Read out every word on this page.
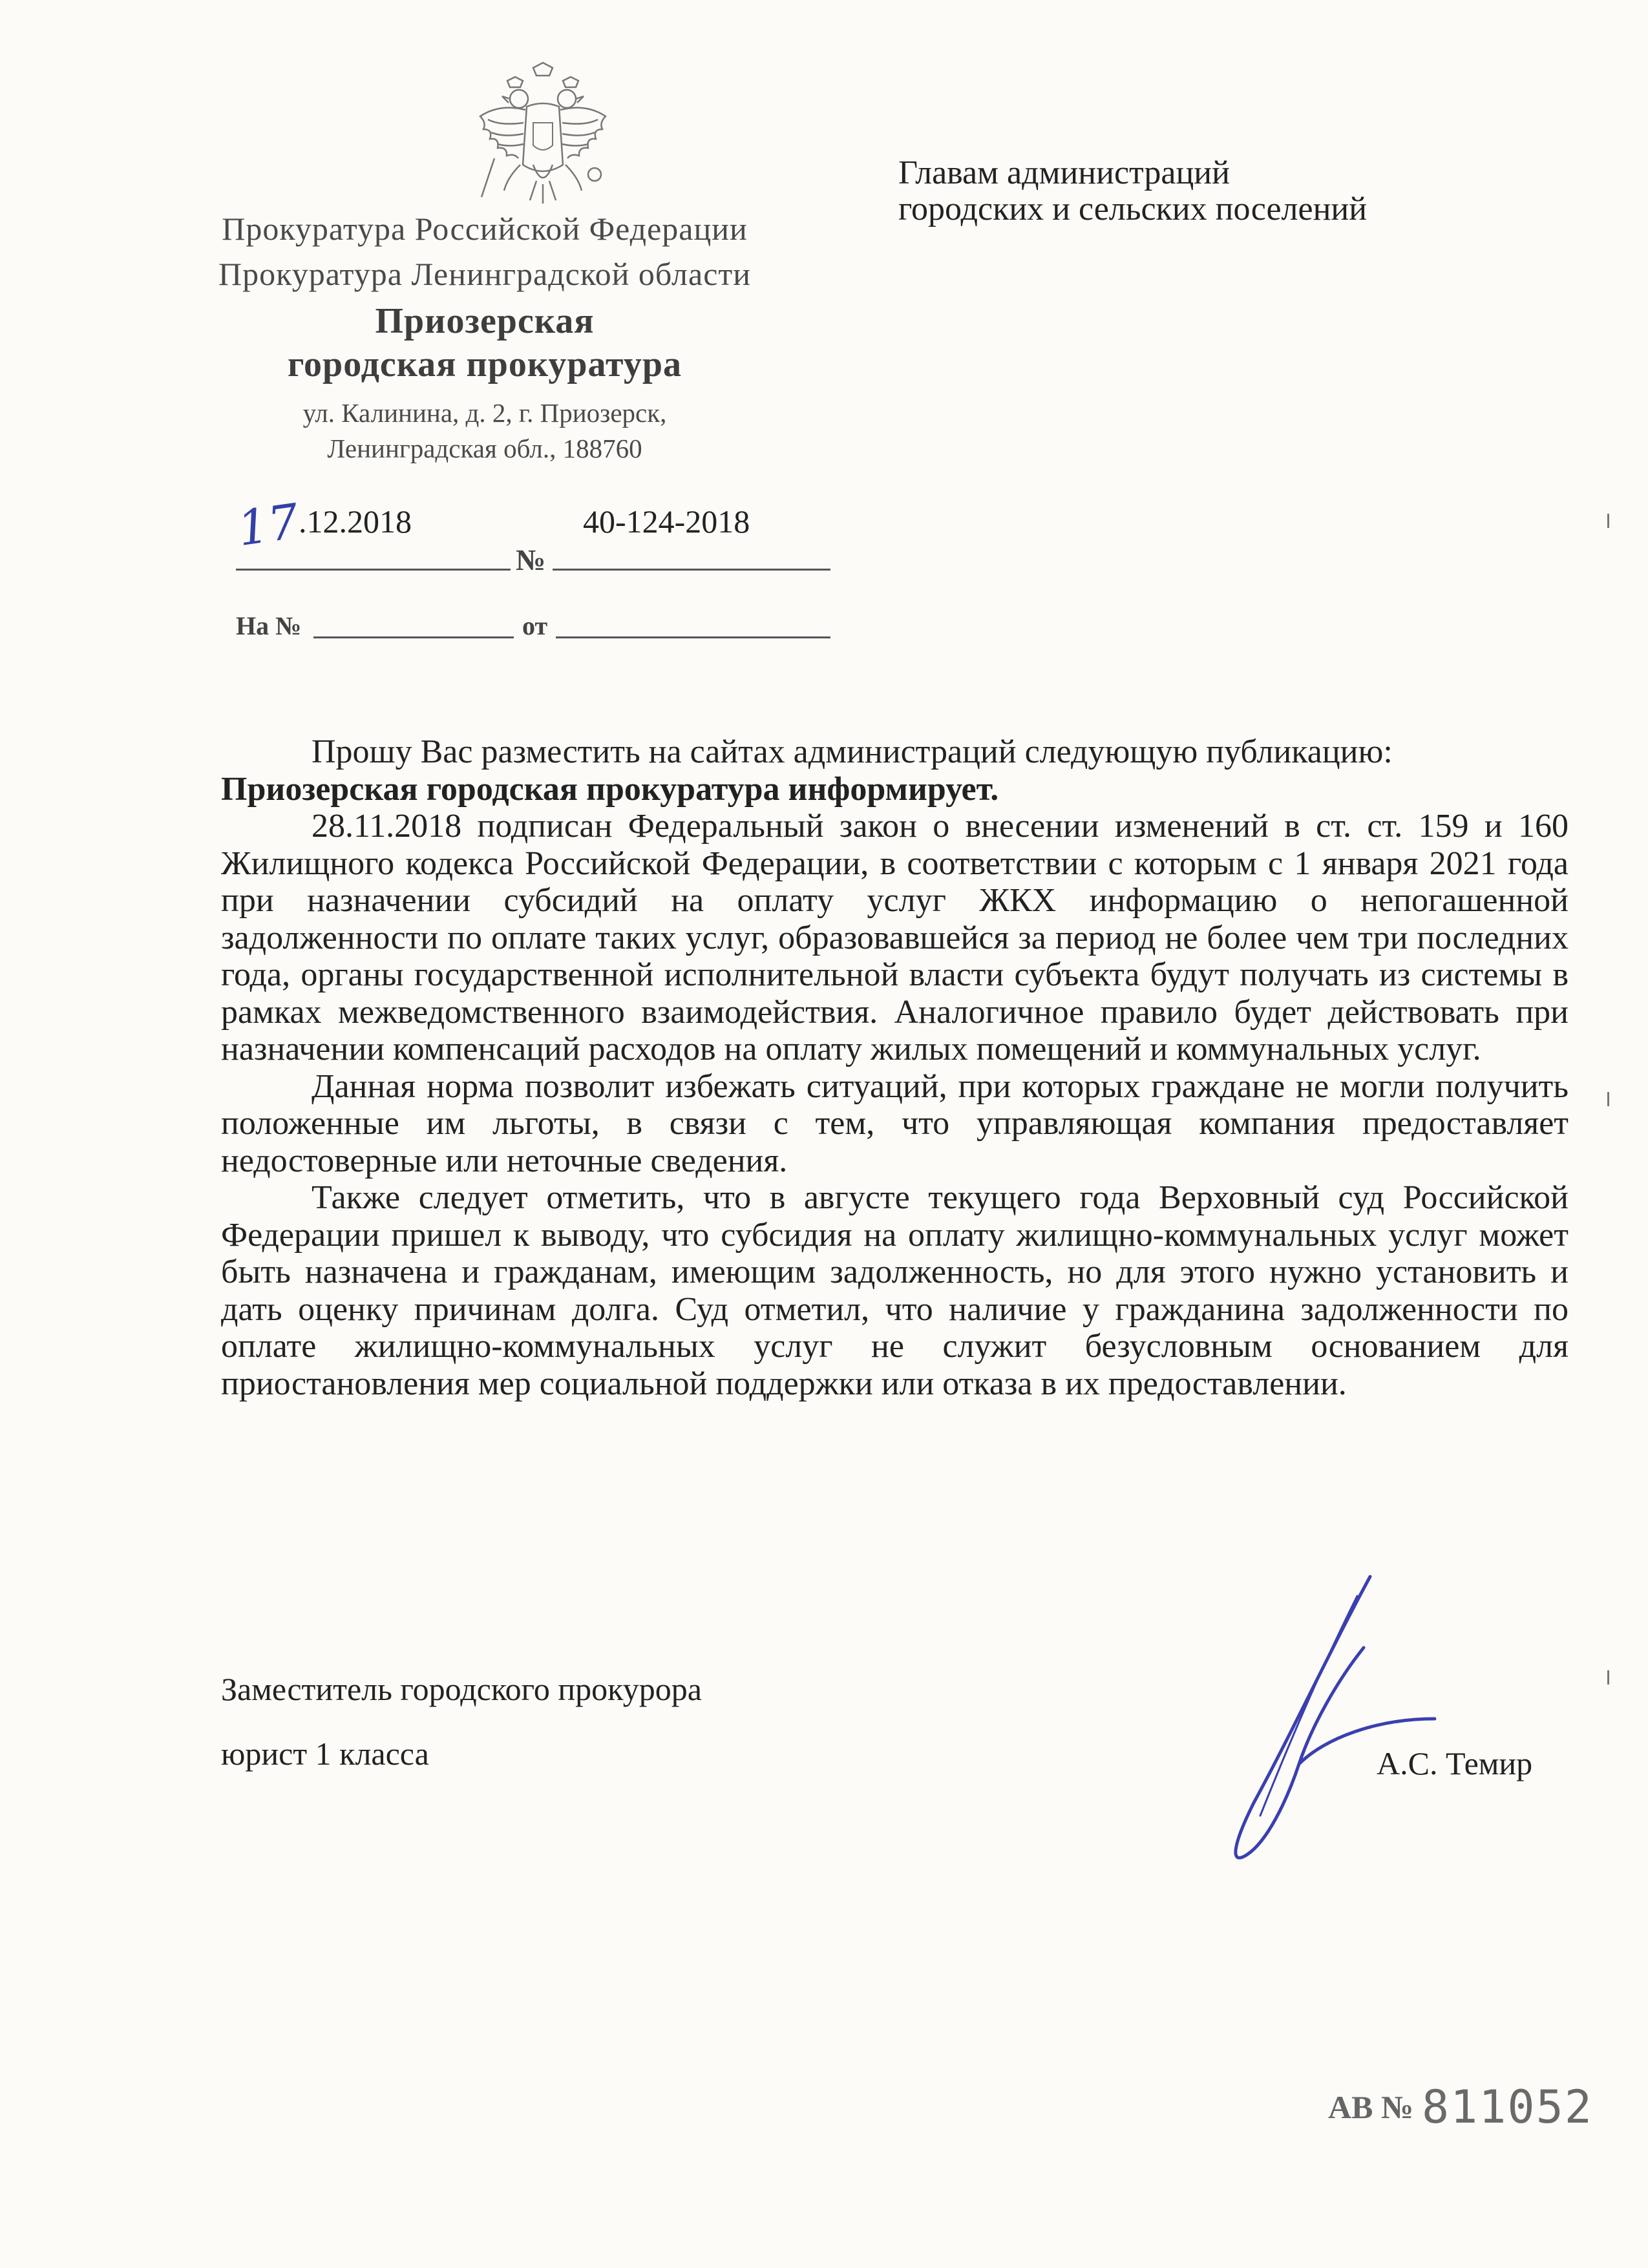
Прокуратура Российской Федерации
Прокуратура Ленинградской области
Приозерская
городская прокуратура
ул. Калинина, д. 2, г. Приозерск,
Ленинградская обл., 188760
Главам администраций
городских и сельских поселений
17
.12.2018
№
40-124-2018
На №	от

Прошу Вас разместить на сайтах администраций следующую публикацию:

Приозерская городская прокуратура информирует.

28.11.2018 подписан Федеральный закон о внесении изменений в ст. ст. 159 и 160 Жилищного кодекса Российской Федерации, в соответствии с которым с 1 января 2021 года при назначении субсидий на оплату услуг ЖКХ информацию о непогашенной задолженности по оплате таких услуг, образовавшейся за период не более чем три последних года, органы государственной исполнительной власти субъекта будут получать из системы в рамках межведомственного взаимодействия. Аналогичное правило будет действовать при назначении компенсаций расходов на оплату жилых помещений и коммунальных услуг.

Данная норма позволит избежать ситуаций, при которых граждане не могли получить положенные им льготы, в связи с тем, что управляющая компания предоставляет недостоверные или неточные сведения.

Также следует отметить, что в августе текущего года Верховный суд Российской Федерации пришел к выводу, что субсидия на оплату жилищно-коммунальных услуг может быть назначена и гражданам, имеющим задолженность, но для этого нужно установить и дать оценку причинам долга. Суд отметил, что наличие у гражданина задолженности по оплате жилищно-коммунальных услуг не служит безусловным основанием для приостановления мер социальной поддержки или отказа в их предоставлении.

Заместитель городского прокурора
юрист 1 класса	А.С. Темир
АВ № 811052
